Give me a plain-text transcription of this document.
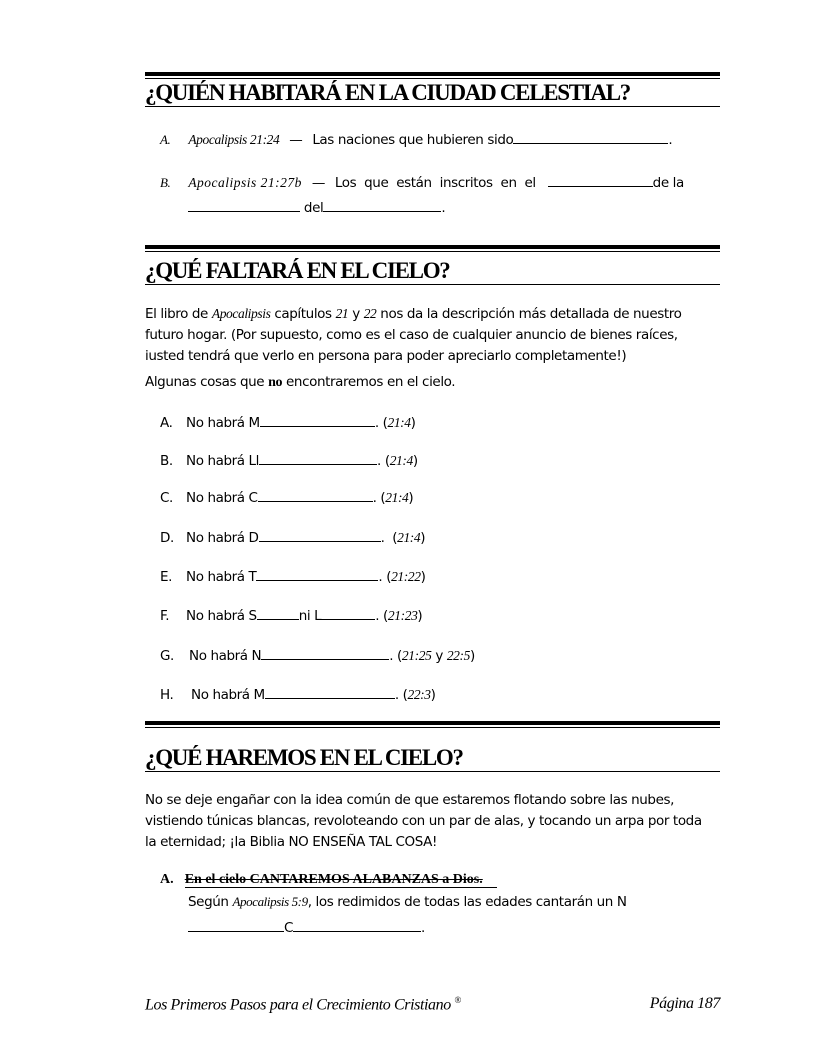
¿QUIÉN HABITARÁ EN LA CIUDAD CELESTIAL?
A. Apocalipsis 21:24 — Las naciones que hubieren sido	.
B. Apocalipsis 21:27b — Los que están inscritos en el	de la
del	.
¿QUÉ FALTARÁ EN EL CIELO?
El libro de Apocalipsis capítulos 21 y 22 nos da la descripción más detallada de nuestro
futuro hogar. (Por supuesto, como es el caso de cualquier anuncio de bienes raíces,
iusted tendrá que verlo en persona para poder apreciarlo completamente!)
Algunas cosas que no encontraremos en el cielo.
A. No habrá M	. (21:4)
B. No habrá Ll	. (21:4)
C. No habrá C	. (21:4)
D. No habrá D	.  (21:4)
E. No habrá T	. (21:22)
F. No habrá S	ni L	. (21:23)
G. No habrá N	. (21:25 y 22:5)
H. No habrá M	. (22:3)
¿QUÉ HAREMOS EN EL CIELO?
No se deje engañar con la idea común de que estaremos flotando sobre las nubes,
vistiendo túnicas blancas, revoloteando con un par de alas, y tocando un arpa por toda
la eternidad; ¡la Biblia NO ENSEÑA TAL COSA!
A. En el cielo CANTAREMOS ALABANZAS a Dios.
Según Apocalipsis 5:9, los redimidos de todas las edades cantarán un N
C	.
Los Primeros Pasos para el Crecimiento Cristiano ®	Página 187
